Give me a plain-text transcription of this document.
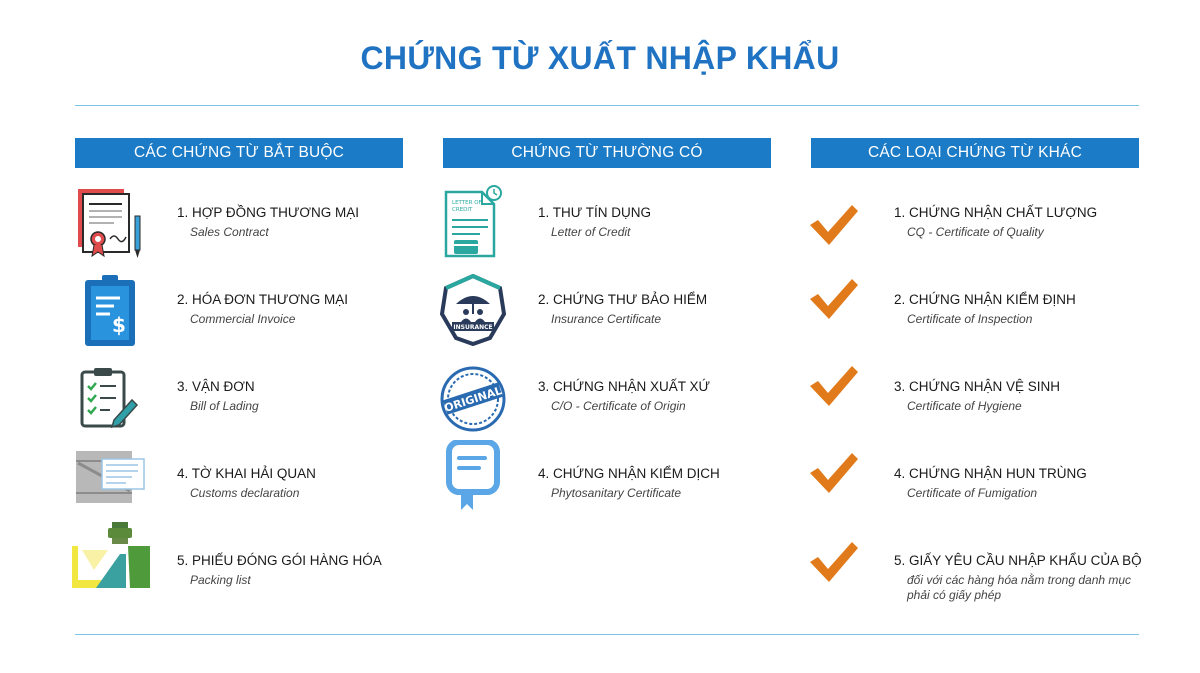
CHỨNG TỪ XUẤT NHẬP KHẨU
CÁC CHỨNG TỪ BẮT BUỘC	CHỨNG TỪ THƯỜNG CÓ	CÁC LOẠI CHỨNG TỪ KHÁC
1. HỢP ĐỒNG THƯƠNG MẠI
Sales Contract
$
2. HÓA ĐƠN THƯƠNG MẠI
Commercial Invoice
3. VẬN ĐƠN
Bill of Lading
4. TỜ KHAI HẢI QUAN
Customs declaration
5. PHIẾU ĐÓNG GÓI HÀNG HÓA
Packing list
LETTER OF
CREDIT	1. THƯ TÍN DỤNG
Letter of Credit
INSURANCE
2. CHỨNG THƯ BẢO HIỂM
Insurance Certificate
ORIGINAL	3. CHỨNG NHẬN XUẤT XỨ
C/O - Certificate of Origin
4. CHỨNG NHẬN KIỂM DỊCH
Phytosanitary Certificate
1. CHỨNG NHẬN CHẤT LƯỢNG
CQ - Certificate of Quality
2. CHỨNG NHẬN KIỂM ĐỊNH
Certificate of Inspection
3. CHỨNG NHẬN VỆ SINH
Certificate of Hygiene
4. CHỨNG NHẬN HUN TRÙNG
Certificate of Fumigation
5. GIẤY YÊU CẦU NHẬP KHẨU CỦA BỘ
đối với các hàng hóa nằm trong danh mục phải có giấy phép
